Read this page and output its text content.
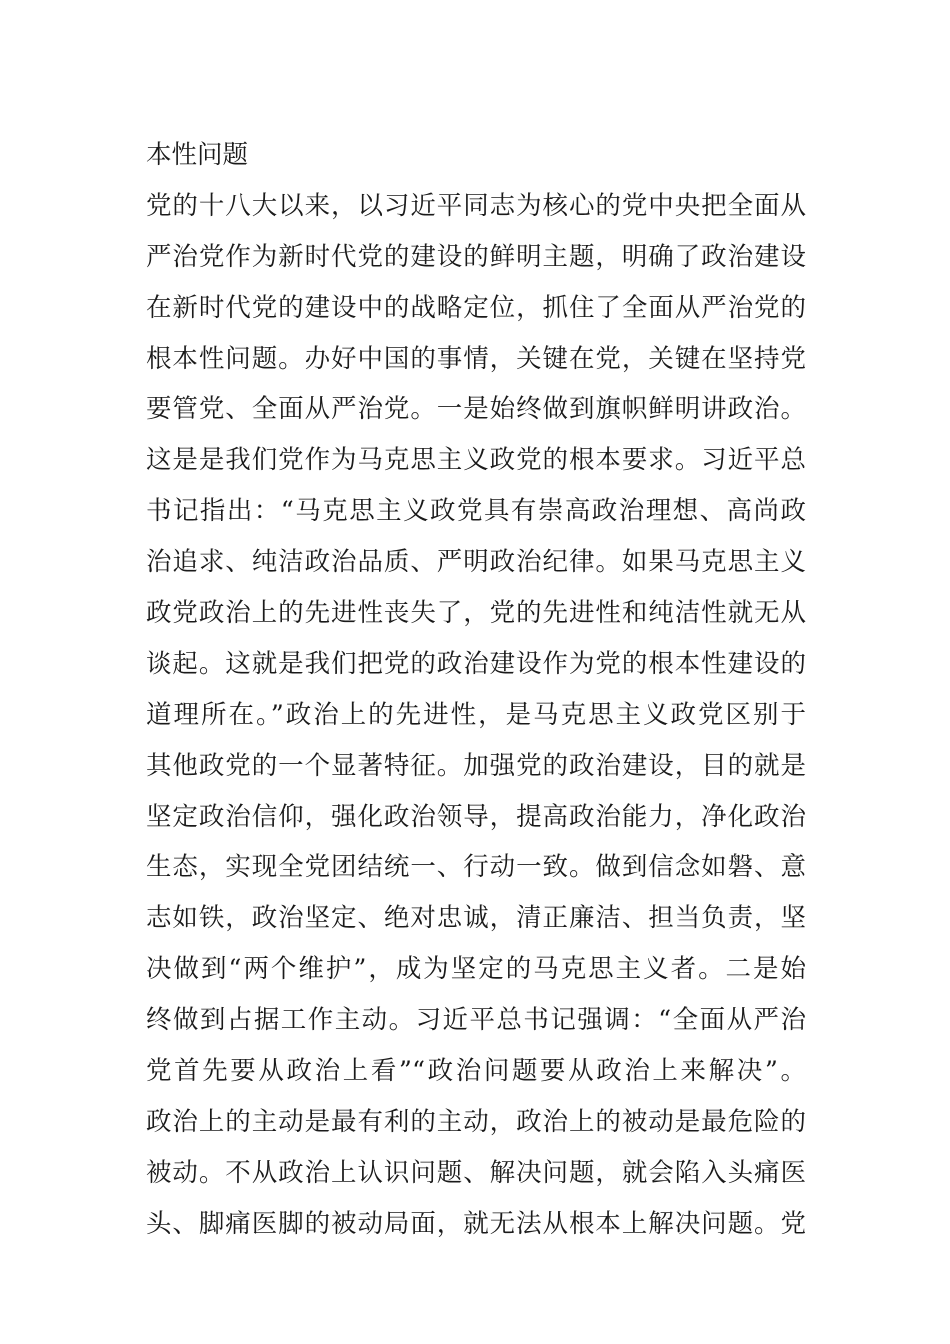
本性问题
党的十八大以来，以习近平同志为核心的党中央把全面从
严治党作为新时代党的建设的鲜明主题，明确了政治建设
在新时代党的建设中的战略定位，抓住了全面从严治党的
根本性问题。办好中国的事情，关键在党，关键在坚持党
要管党、全面从严治党。一是始终做到旗帜鲜明讲政治。
这是是我们党作为马克思主义政党的根本要求。习近平总
书记指出：“马克思主义政党具有崇高政治理想、高尚政
治追求、纯洁政治品质、严明政治纪律。如果马克思主义
政党政治上的先进性丧失了，党的先进性和纯洁性就无从
谈起。这就是我们把党的政治建设作为党的根本性建设的
道理所在。”政治上的先进性，是马克思主义政党区别于
其他政党的一个显著特征。加强党的政治建设，目的就是
坚定政治信仰，强化政治领导，提高政治能力，净化政治
生态，实现全党团结统一、行动一致。做到信念如磐、意
志如铁，政治坚定、绝对忠诚，清正廉洁、担当负责，坚
决做到“两个维护”，成为坚定的马克思主义者。二是始
终做到占据工作主动。习近平总书记强调：“全面从严治
党首先要从政治上看”“政治问题要从政治上来解决”。
政治上的主动是最有利的主动，政治上的被动是最危险的
被动。不从政治上认识问题、解决问题，就会陷入头痛医
头、脚痛医脚的被动局面，就无法从根本上解决问题。党
